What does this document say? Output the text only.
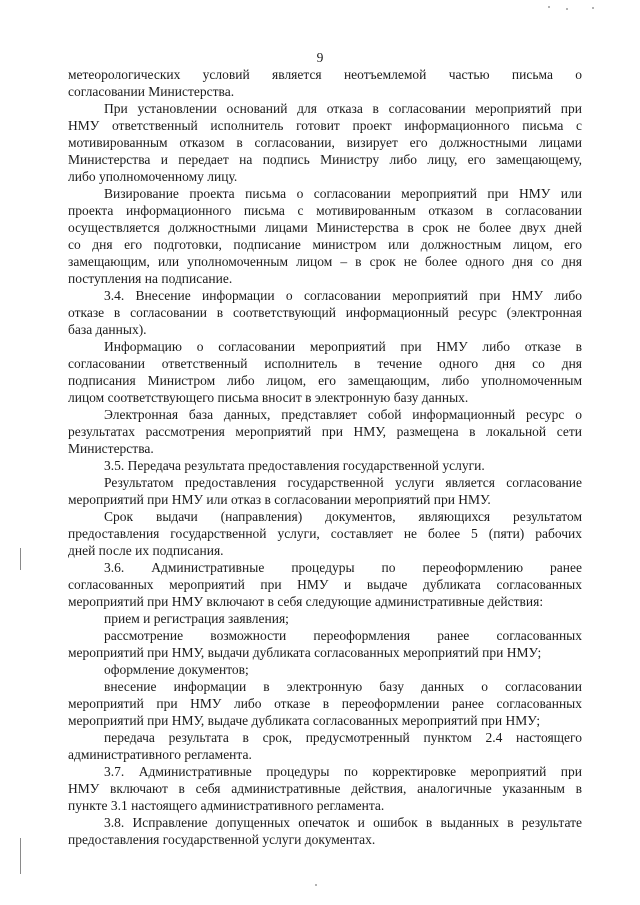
9

метеорологических условий является неотъемлемой частью письма о
согласовании Министерства.

При установлении оснований для отказа в согласовании мероприятий при
НМУ ответственный исполнитель готовит проект информационного письма с
мотивированным отказом в согласовании, визирует его должностными лицами
Министерства и передает на подпись Министру либо лицу, его замещающему,
либо уполномоченному лицу.

Визирование проекта письма о согласовании мероприятий при НМУ или
проекта информационного письма с мотивированным отказом в согласовании
осуществляется должностными лицами Министерства в срок не более двух дней
со дня его подготовки, подписание министром или должностным лицом, его
замещающим, или уполномоченным лицом – в срок не более одного дня со дня
поступления на подписание.

3.4. Внесение информации о согласовании мероприятий при НМУ либо
отказе в согласовании в соответствующий информационный ресурс (электронная
база данных).

Информацию о согласовании мероприятий при НМУ либо отказе в
согласовании ответственный исполнитель в течение одного дня со дня
подписания Министром либо лицом, его замещающим, либо уполномоченным
лицом соответствующего письма вносит в электронную базу данных.

Электронная база данных, представляет собой информационный ресурс о
результатах рассмотрения мероприятий при НМУ, размещена в локальной сети
Министерства.

3.5. Передача результата предоставления государственной услуги.

Результатом предоставления государственной услуги является согласование
мероприятий при НМУ или отказ в согласовании мероприятий при НМУ.

Срок выдачи (направления) документов, являющихся результатом
предоставления государственной услуги, составляет не более 5 (пяти) рабочих
дней после их подписания.

3.6. Административные процедуры по переоформлению ранее
согласованных мероприятий при НМУ и выдаче дубликата согласованных
мероприятий при НМУ включают в себя следующие административные действия:

прием и регистрация заявления;

рассмотрение возможности переоформления ранее согласованных
мероприятий при НМУ, выдачи дубликата согласованных мероприятий при НМУ;

оформление документов;

внесение информации в электронную базу данных о согласовании
мероприятий при НМУ либо отказе в переоформлении ранее согласованных
мероприятий при НМУ, выдаче дубликата согласованных мероприятий при НМУ;

передача результата в срок, предусмотренный пунктом 2.4 настоящего
административного регламента.

3.7. Административные процедуры по корректировке мероприятий при
НМУ включают в себя административные действия, аналогичные указанным в
пункте 3.1 настоящего административного регламента.

3.8. Исправление допущенных опечаток и ошибок в выданных в результате
предоставления государственной услуги документах.
